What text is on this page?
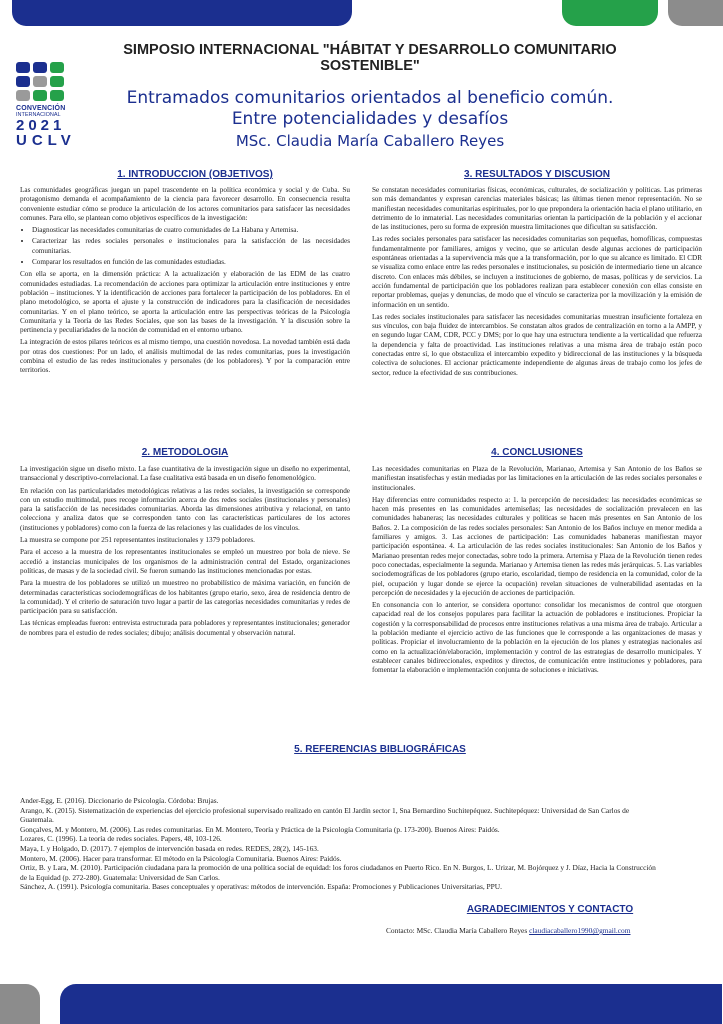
CONVENCIÓN
INTERNACIONAL
2021
UCLV
SIMPOSIO INTERNACIONAL "HÁBITAT Y DESARROLLO COMUNITARIO
SOSTENIBLE"
Entramados comunitarios orientados al beneficio común.
Entre potencialidades y desafíos
MSc. Claudia María Caballero Reyes
1. INTRODUCCION (OBJETIVOS)

Las comunidades geográficas juegan un papel trascendente en la política económica y social y de Cuba. Su protagonismo demanda el acompañamiento de la ciencia para favorecer desarrollo. En consecuencia resulta conveniente estudiar cómo se produce la articulación de los actores comunitarios para satisfacer las necesidades comunes. Para ello, se plantean como objetivos específicos de la investigación:

• Diagnosticar las necesidades comunitarias de cuatro comunidades de La Habana y Artemisa.
• Caracterizar las redes sociales personales e institucionales para la satisfacción de las necesidades comunitarias.
• Comparar los resultados en función de las comunidades estudiadas.

Con ella se aporta, en la dimensión práctica: A la actualización y elaboración de las EDM de las cuatro comunidades estudiadas. La recomendación de acciones para optimizar la articulación entre instituciones y entre población – instituciones. Y la identificación de acciones para fortalecer la participación de los pobladores. En el plano metodológico, se aporta el ajuste y la construcción de indicadores para la clasificación de necesidades comunitarias. Y en el plano teórico, se aporta la articulación entre las perspectivas teóricas de la Psicología Comunitaria y la Teoría de las Redes Sociales, que son las bases de la investigación. Y la discusión sobre la pertinencia y peculiaridades de la noción de comunidad en el entorno urbano.

La integración de estos pilares teóricos es al mismo tiempo, una cuestión novedosa. La novedad también está dada por otras dos cuestiones: Por un lado, el análisis multimodal de las redes comunitarias, pues la investigación combina el estudio de las redes institucionales y personales (de los pobladores). Y por la comparación entre territorios.

3. RESULTADOS Y DISCUSION

Se constatan necesidades comunitarias físicas, económicas, culturales, de socialización y políticas. Las primeras son más demandantes y expresan carencias materiales básicas; las últimas tienen menor representación. No se manifiestan necesidades comunitarias espirituales, por lo que prepondera la orientación hacia el plano utilitario, en detrimento de lo inmaterial. Las necesidades comunitarias orientan la participación de la población y el accionar de las instituciones, pero su forma de expresión muestra limitaciones que dificultan su satisfacción.

Las redes sociales personales para satisfacer las necesidades comunitarias son pequeñas, homofílicas, compuestas fundamentalmente por familiares, amigos y vecino, que se articulan desde algunas acciones de participación espontáneas orientadas a la supervivencia más que a la transformación, por lo que su alcance es limitado. El CDR se visualiza como enlace entre las redes personales e institucionales, su posición de intermediario tiene un alcance discreto. Con enlaces más débiles, se incluyen a instituciones de gobierno, de masas, políticas y de servicios. La acción fundamental de participación que los pobladores realizan para establecer conexión con ellas consiste en reportar problemas, quejas y denuncias, de modo que el vínculo se caracteriza por la movilización y la emisión de información en un sentido.

Las redes sociales institucionales para satisfacer las necesidades comunitarias muestran insuficiente fortaleza en sus vínculos, con baja fluidez de intercambios. Se constatan altos grados de centralización en torno a la AMPP, y en segundo lugar CAM, CDR, PCC y DMS; por lo que hay una estructura tendiente a la verticalidad que refuerza la dependencia y falta de proactividad. Las instituciones relativas a una misma área de trabajo están poco conectadas entre sí, lo que obstaculiza el intercambio expedito y bidireccional de las instituciones y la búsqueda colectiva de soluciones. El accionar prácticamente independiente de algunas áreas de trabajo como los jefes de sector, reduce la efectividad de sus contribuciones.

2. METODOLOGIA

La investigación sigue un diseño mixto. La fase cuantitativa de la investigación sigue un diseño no experimental, transaccional y descriptivo-correlacional. La fase cualitativa está basada en un diseño fenomenológico.

En relación con las particularidades metodológicas relativas a las redes sociales, la investigación se corresponde con un estudio multimodal, pues recoge información acerca de dos redes sociales (institucionales y personales) para la satisfacción de las necesidades comunitarias. Aborda las dimensiones atributiva y relacional, en tanto colecciona y analiza datos que se corresponden tanto con las características particulares de los actores (instituciones y pobladores) como con la fuerza de las relaciones y las cualidades de los vínculos.

La muestra se compone por 251 representantes institucionales y 1379 pobladores.

Para el acceso a la muestra de los representantes institucionales se empleó un muestreo por bola de nieve. Se accedió a instancias municipales de los organismos de la administración central del Estado, organizaciones políticas, de masas y de la sociedad civil. Se fueron sumando las instituciones mencionadas por estas.

Para la muestra de los pobladores se utilizó un muestreo no probabilístico de máxima variación, en función de determinadas características sociodemográficas de los habitantes (grupo etario, sexo, área de residencia dentro de la comunidad). Y el criterio de saturación tuvo lugar a partir de las categorías necesidades comunitarias y redes de participación para su satisfacción.

Las técnicas empleadas fueron: entrevista estructurada para pobladores y representantes institucionales; generador de nombres para el estudio de redes sociales; dibujo; análisis documental y observación natural.

4. CONCLUSIONES

Las necesidades comunitarias en Plaza de la Revolución, Marianao, Artemisa y San Antonio de los Baños se manifiestan insatisfechas y están mediadas por las limitaciones en la articulación de las redes sociales personales e institucionales.

Hay diferencias entre comunidades respecto a: 1. la percepción de necesidades: las necesidades económicas se hacen más presentes en las comunidades artemiseñas; las necesidades de socialización prevalecen en las comunidades habaneras; las necesidades culturales y políticas se hacen más presentes en San Antonio de los Baños. 2. La composición de las redes sociales personales: San Antonio de los Baños incluye en menor medida a familiares y amigos. 3. Las acciones de participación: Las comunidades habaneras manifiestan mayor participación espontánea. 4. La articulación de las redes sociales institucionales: San Antonio de los Baños y Marianao presentan redes mejor conectadas, sobre todo la primera. Artemisa y Plaza de la Revolución tienen redes poco conectadas, especialmente la segunda. Marianao y Artemisa tienen las redes más jerárquicas. 5. Las variables sociodemográficas de los pobladores (grupo etario, escolaridad, tiempo de residencia en la comunidad, color de la piel, ocupación y lugar donde se ejerce la ocupación) revelan situaciones de vulnerabilidad asentadas en la percepción de necesidades y la ejecución de acciones de participación.

En consonancia con lo anterior, se considera oportuno: consolidar los mecanismos de control que otorguen capacidad real de los consejos populares para facilitar la actuación de pobladores e instituciones. Propiciar la cogestión y la corresponsabilidad de procesos entre instituciones relativas a una misma área de trabajo. Articular a la población mediante el ejercicio activo de las funciones que le corresponde a las organizaciones de masas y políticas. Propiciar el involucramiento de la población en la ejecución de los planes y estrategias nacionales así como en la actualización/elaboración, implementación y control de las estrategias de desarrollo municipales. Y establecer canales bidireccionales, expeditos y directos, de comunicación entre instituciones y pobladores, para fomentar la elaboración e implementación conjunta de soluciones e iniciativas.

5. REFERENCIAS BIBLIOGRÁFICAS
Ander-Egg, E. (2016). Diccionario de Psicología. Córdoba: Brujas.
Arango, K. (2015). Sistematización de experiencias del ejercicio profesional supervisado realizado en cantón El Jardín sector 1, Sna Bernardino Suchitepéquez. Suchitepéquez: Universidad de San Carlos de Guatemala.
Gonçalves, M. y Montero, M. (2006). Las redes comunitarias. En M. Montero, Teoría y Práctica de la Psicología Comunitaria (p. 173-200). Buenos Aires: Paidós.
Lozares, C. (1996). La teoría de redes sociales. Papers, 48, 103-126.
Maya, I. y Holgado, D. (2017). 7 ejemplos de intervención basada en redes. REDES, 28(2), 145-163.
Montero, M. (2006). Hacer para transformar. El método en la Psicología Comunitaria. Buenos Aires: Paidós.
Ortiz, B. y Lara, M. (2010). Participación ciudadana para la promoción de una política social de equidad: los foros ciudadanos en Puerto Rico. En N. Burgos, L. Urizar, M. Bojórquez y J. Díaz, Hacia la Construcción de la Equidad (p. 272-280). Guatemala: Universidad de San Carlos.
Sánchez, A. (1991). Psicología comunitaria. Bases conceptuales y operativas: métodos de intervención. España: Promociones y Publicaciones Universitarias, PPU.
AGRADECIMIENTOS Y CONTACTO
Contacto: MSc. Claudia María Caballero Reyes claudiacaballero1990@gmail.com
